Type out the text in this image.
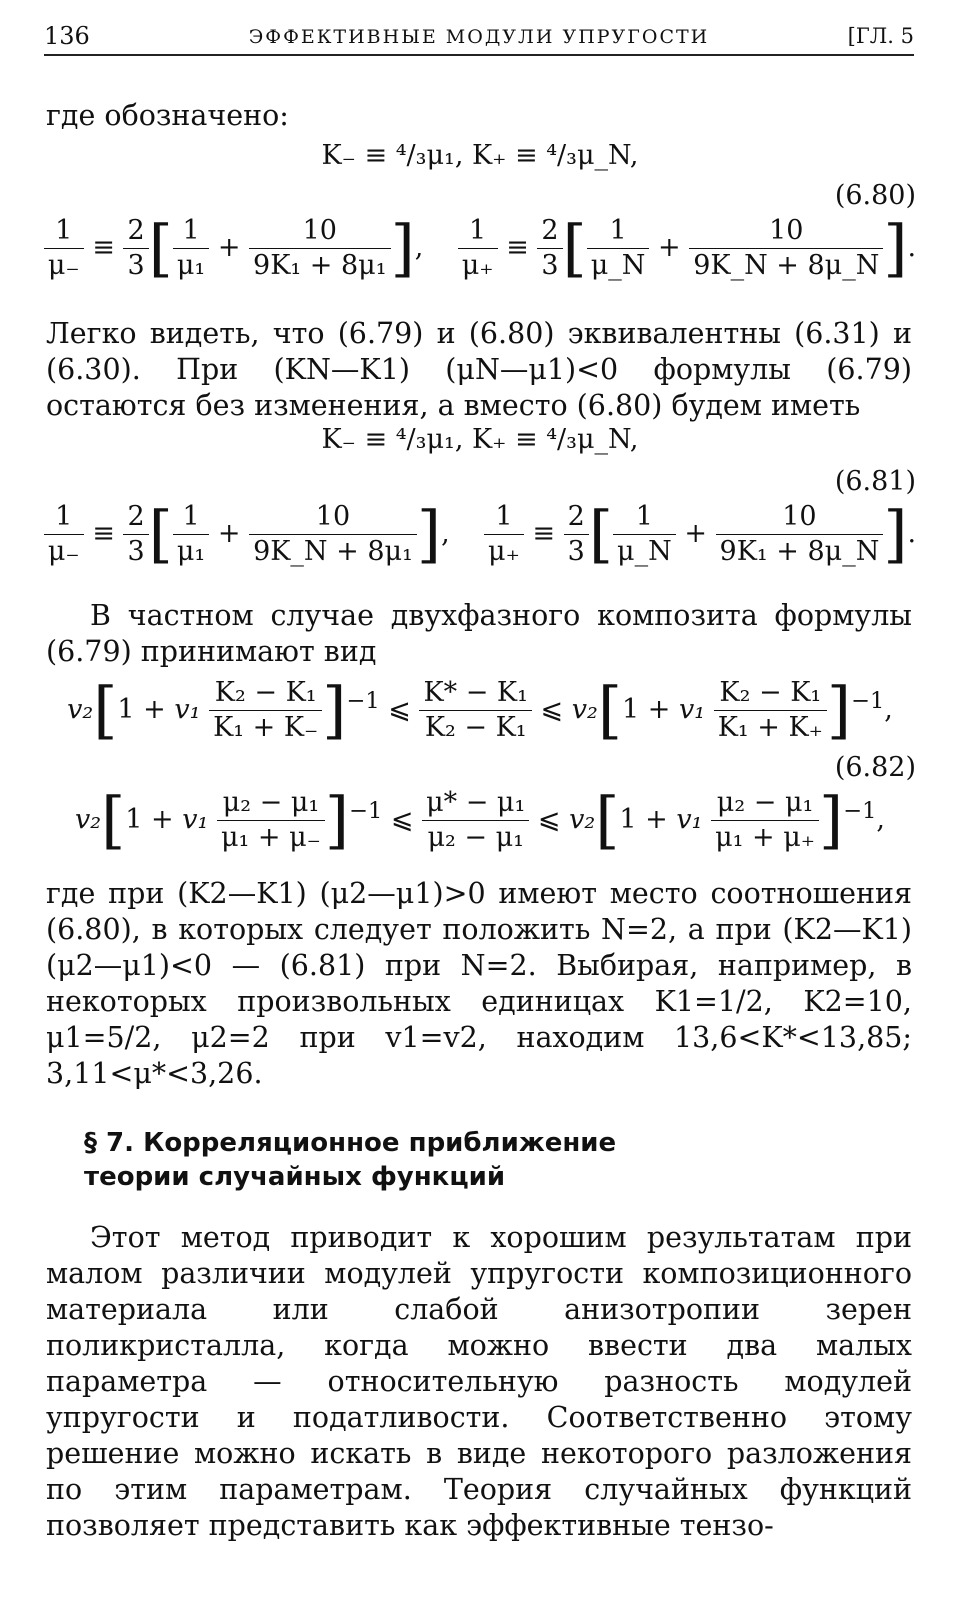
136	ЭФФЕКТИВНЫЕ МОДУЛИ УПРУГОСТИ	[ГЛ. 5

где обозначено:

K₋ ≡ ⁴/₃μ₁, K₊ ≡ ⁴/₃μ_N,
(6.80)
$\frac{1}{\mu_-} \equiv \frac{2}{3}$ [ $\frac{1}{\text{μ₁}} + \frac{10}{\text{9K₁ + 8μ₁}}$ ], $\frac{1}{\mu_+} \equiv \frac{2}{3}$ [ $\frac{1}{\mu\_N} + \frac{10}{9K\_N + 8\mu\_N}$ ].

Легко видеть, что (6.79) и (6.80) эквивалентны (6.31) и (6.30). При (KN—K1) (μN—μ1)<0 формулы (6.79) остаются без изменения, а вместо (6.80) будем иметь

K₋ ≡ ⁴/₃μ₁, K₊ ≡ ⁴/₃μ_N,
(6.81)
$\frac{1}{\mu_-} \equiv \frac{2}{3}$ [ $\frac{1}{\text{μ₁}} + \frac{10}{\text{9K\_N + 8μ₁}}$ ], $\frac{1}{\mu_+} \equiv \frac{2}{3}$ [ $\frac{1}{\mu\_N} + \frac{10}{\text{9K₁ + 8μ\_N}}$ ].

В частном случае двухфазного композита формулы (6.79) принимают вид

$v_2[1 + v_1 \frac{\text{K₂ − K₁}}{\text{K₁ + K₋}} ]^{-1}$ ⩽ $\frac{\text{K* − K₁}}{\text{K₂ − K₁}}$ ⩽ $v_2[1 + v_1 \frac{\text{K₂ − K₁}}{\text{K₁ + K₊}} ]^{-1}$,
(6.82)
$v_2[1 + v_1 \frac{\text{μ₂ − μ₁}}{\text{μ₁ + μ₋}} ]^{-1}$ ⩽ $\frac{\text{μ* − μ₁}}{\text{μ₂ − μ₁}}$ ⩽ $v_2[1 + v_1 \frac{\text{μ₂ − μ₁}}{\text{μ₁ + μ₊}} ]^{-1}$,

где при (K2—K1) (μ2—μ1)>0 имеют место соотношения (6.80), в которых следует положить N=2, а при (K2—K1) (μ2—μ1)<0 — (6.81) при N=2. Выбирая, например, в некоторых произвольных единицах K1=1/2, K2=10, μ1=5/2, μ2=2 при v1=v2, находим 13,6<K*<13,85; 3,11<μ*<3,26.

§ 7. Корреляционное приближение
теории случайных функций

Этот метод приводит к хорошим результатам при малом различии модулей упругости композиционного материала или слабой анизотропии зерен поликристалла, когда можно ввести два малых параметра — относительную разность модулей упругости и податливости. Соответственно этому решение можно искать в виде некоторого разложения по этим параметрам. Теория случайных функций позволяет представить как эффективные тензо-
